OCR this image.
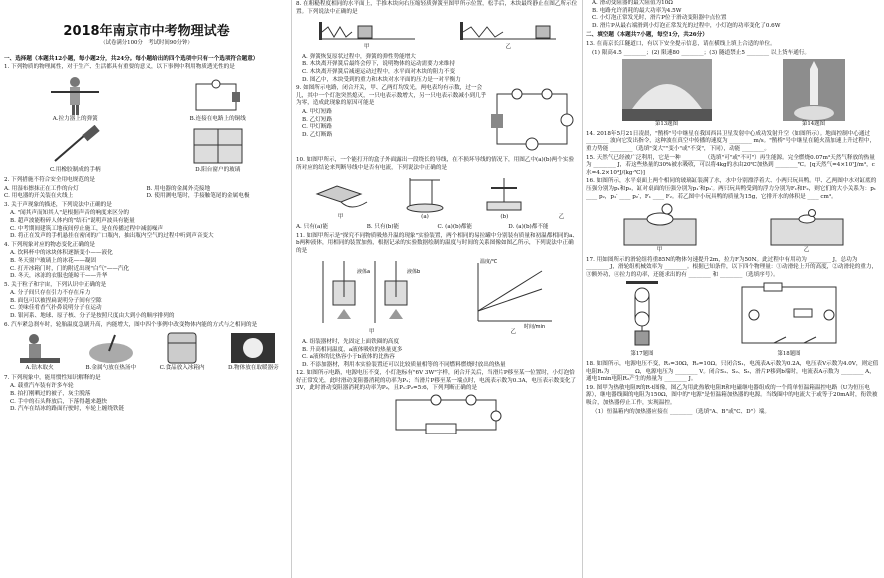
2018年南京市中考物理试卷
（试卷满分100分　考试时间90分钟）
一、选择题（本题共12小题，每小题2分，共24分。每小题给出的四个选项中只有一个选项符合题意）
1. 下列物质的物理属性，对于生产、生活都具有重要的意义，以下事例中利用物质透光性的是
A.拉力器上的弹簧	B.连接在电路上的铜线
C.用橡胶制成的手柄	D.阳台窗户的玻璃
2. 下列措施不符合安全用电规范的是
A. 用湿布擦抹正在工作的台灯	B. 用电器的金属外壳接地
C. 用电器的开关装在火线上	D. 使用测电笔时，手接触笔尾的金属电极
3. 关于声现象的描述，下列说法中正确的是
A. "闻其声而知其人"是根据声音的响度来区分的
B. 超声波能粉碎人体内的"结石"说明声波具有能量
C. 中考期间建筑工地夜间停止施工，是在传播过程中减弱噪声
D. 将正在发声的手机悬挂在密闭的广口瓶内，抽出瓶内空气的过程中听到声音变大
4. 下列现象对应的物态变化正确的是
A. 饮料杯中的冰块体积逐渐变小——液化
B. 冬天窗户玻璃上的冰花——凝固
C. 打开冰箱门时，门的附近出现"白气"——汽化
D. 冬天，冰冻的衣服也能晾干——升华
5. 关于粒子和宇宙，下列认识中正确的是
A. 分子间只存在引力不存在斥力
B. 面包可以被捏扁说明分子间有空隙
C. 美味佳肴香气扑鼻说明分子在运动
D. 银河系、地球、原子核、分子是按照尺度由大到小的顺序排列的
6. 汽车紧急刹车时，轮胎温度急剧升高，内能增大，图中四个事例中改变物体内能的方式与之相同的是
A.钻木取火	B.金属勺放在热汤中	C.食品放入冰箱内	D.物体放在取暖器旁
7. 下列现象中，能用惯性知识解释的是
A. 载重汽车装有许多车轮
B. 拍打刚晒过的被子，灰尘脱落
C. 手中的石头释放后，下落得越来越快
D. 汽车在结冰的路面行驶时，车轮上缠绕铁链
8. 在粗糙程度相同的水平面上，手推木块向右压缩轻质弹簧至图甲所示位置，松手后，木块最终静止在图乙所示位置。下列说法中正确的是
甲	乙
A. 弹簧恢复原状过程中，弹簧的弹性势能增大
B. 木块离开弹簧后最终会停下，说明物体的运动需要力来维持
C. 木块离开弹簧后减速运动过程中，水平面对木块的阻力不变
D. 图乙中，木块受到的重力和木块对水平面的压力是一对平衡力
9. 如图所示电路，闭合开关，甲、乙两灯均发光，两电表均有示数，过一会儿，其中一个灯泡突然熄灭，一只电表示数增大，另一只电表示数减小到几乎为零，造成此现象的原因可能是
A. 甲灯短路
B. 乙灯短路
C. 甲灯断路
D. 乙灯断路
10. 如图甲所示，一个能打开的盒子外面露出一段绕长的导线，在不损坏导线的情况下，用图乙中(a)(b)两个实验所对应的结论来判断导线中是否有电流，下列说法中正确的是
甲	(a)	(b)	乙
A. 只有(a)能	B. 只有(b)能	C. (a)(b)都能	D. (a)(b)都不能
11. 如图甲所示是"探究不同物质吸热升温的现象"实验装置，两个相同的易拉罐中分别装有质量和初温都相同的a、b两种液体，用相同的装置加热，根据记录的实验数据绘制的温度与时间的关系图像如图乙所示，下列说法中正确的是
液体a	液体b
甲
温度/℃
时间/min
乙
A. 组装器材时，先固定上面铁圈的高度
B. 升高相同温度，a液体吸收的热量更多
C. a液体的比热容小于b液体的比热容
D. 不添加器材，利用本实验装置还可以比较质量相等的不同燃料燃烧时放出的热量
12. 如图所示电路，电源电压不变，小灯泡标有"6V 3W"字样，闭合开关后，当滑片P移至某一位置时，小灯泡恰好正常发光，此时滑动变阻器消耗的功率为P₁；当滑片P移至某一端点时，电流表示数为0.3A，电压表示数变化了3V，此时滑动变阻器消耗的功率为P₂，且P₁:P₂=5:6，下列判断正确的是
A. 滑动变阻器的最大阻值为10Ω
B. 电路允许消耗的最大功率为4.5W
C. 小灯泡正常发光时，滑片P位于滑动变阻器中点位置
D. 滑片P从最右端滑到小灯泡正常发光的过程中，小灯泡的功率变化了0.6W
二、填空题（本题共7小题，每空1分，共26分）
13. 在南京长江隧道口，有以下安全提示信息，请在横线上填上合适的单位。
(1) 限高4.5 ________；(2) 限速80 ________；(3) 隧道禁止5 ________ 以上货车通行。
第13题图	第14题图
14. 2018年5月21日凌晨，"鹊桥"号中继星在我国西昌卫星发射中心成功发射升空（如图所示）。地面控制中心通过 ________ 波向它发出指令，这种波在真空中传播的速度为 ________ m/s。"鹊桥"号中继星在随火箭加速上升过程中，重力势能 ________（选填"变大""变小"或"不变"，下同），动能 ________。
15. 天然气已经被广泛利用，它是一种 ________（选填"可"或"不可"）再生能源。完全燃烧0.07m³天然气释放的热量为 ________ J，若这些热量的30%被水吸收，可以将4kg的水由20℃加热到 ________℃。[q天然气=4×10⁷J/m³，c水=4.2×10³J/(kg·℃)]
16. 如图所示，水平桌面上两个相同的玻璃缸装满了水，水中分别漂浮着大、小两只玩具鸭。甲、乙两图中水对缸底的压强分别为p₁和p₂，缸对桌面的压强分别为p₁′和p₂′。两只玩具鸭受到的浮力分别为F₁和F₂，则它们的大小关系为：p₁ ____ p₂，p₁′ ____ p₂′，F₁ ____ F₂。若乙图中小玩具鸭的质量为15g，它排开水的体积是 ____ cm³。
甲	乙
17. 用如图所示的滑轮组将重85N的物体匀速提升2m，拉力F为50N。此过程中有用功为 ________ J，总功为 ________ J，滑轮组机械效率为 ________。根据已知条件，以下四个物理量：①动滑轮上升的高度，②动滑轮的重力，③额外功，④拉力的功率，还能求出的有 ________ 和 ________（选填序号）。
第17题图	第18题图
18. 如图所示，电源电压不变，R₁=30Ω，R₂=10Ω。只闭合S₁，电流表A示数为0.2A，电压表V示数为4.0V，则定值电阻R₁为 ________ Ω，电源电压为 ________ V。闭合S₁、S₂、S₃，滑片P移到b端时，电流表A示数为 ________ A，通电1min电阻R₂产生的热量为 ________ J。
19. 图甲为热敏电阻R的R-t图像，图乙为用此热敏电阻R和电磁继电器组成的一个简单恒温箱温控电路（U为恒压电源），继电器线圈的电阻为150Ω，图中的"电源"是恒温箱加热器的电源。当线圈中的电流大于或等于20mA时，衔铁被吸合，加热器停止工作，实现温控。
（1）恒温箱内的加热器应接在 ________（选填"A、B"或"C、D"）端。
